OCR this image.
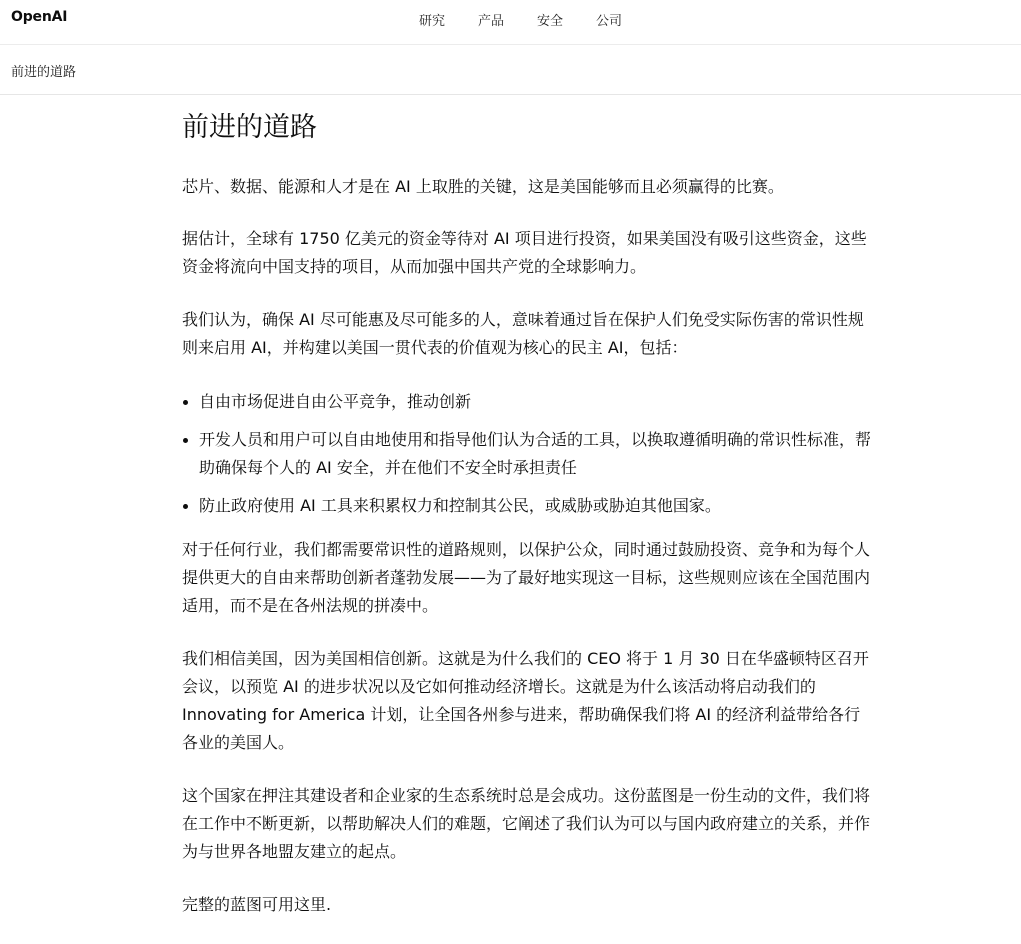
OpenAI	研究	产品	安全	公司
前进的道路
前进的道路

芯片、数据、能源和人才是在 AI 上取胜的关键，这是美国能够而且必须赢得的比赛。

据估计，全球有 1750 亿美元的资金等待对 AI 项目进行投资，如果美国没有吸引这些资金，这些资金将流向中国支持的项目，从而加强中国共产党的全球影响力。

我们认为，确保 AI 尽可能惠及尽可能多的人，意味着通过旨在保护人们免受实际伤害的常识性规则来启用 AI，并构建以美国一贯代表的价值观为核心的民主 AI，包括：

自由市场促进自由公平竞争，推动创新
开发人员和用户可以自由地使用和指导他们认为合适的工具，以换取遵循明确的常识性标准，帮助确保每个人的 AI 安全，并在他们不安全时承担责任
防止政府使用 AI 工具来积累权力和控制其公民，或威胁或胁迫其他国家。

对于任何行业，我们都需要常识性的道路规则，以保护公众，同时通过鼓励投资、竞争和为每个人提供更大的自由来帮助创新者蓬勃发展——为了最好地实现这一目标，这些规则应该在全国范围内适用，而不是在各州法规的拼凑中。

我们相信美国，因为美国相信创新。这就是为什么我们的 CEO 将于 1 月 30 日在华盛顿特区召开会议，以预览 AI 的进步状况以及它如何推动经济增长。这就是为什么该活动将启动我们的 Innovating for America 计划，让全国各州参与进来，帮助确保我们将 AI 的经济利益带给各行各业的美国人。

这个国家在押注其建设者和企业家的生态系统时总是会成功。这份蓝图是一份生动的文件，我们将在工作中不断更新，以帮助解决人们的难题，它阐述了我们认为可以与国内政府建立的关系，并作为与世界各地盟友建立的起点。

完整的蓝图可用这里.
